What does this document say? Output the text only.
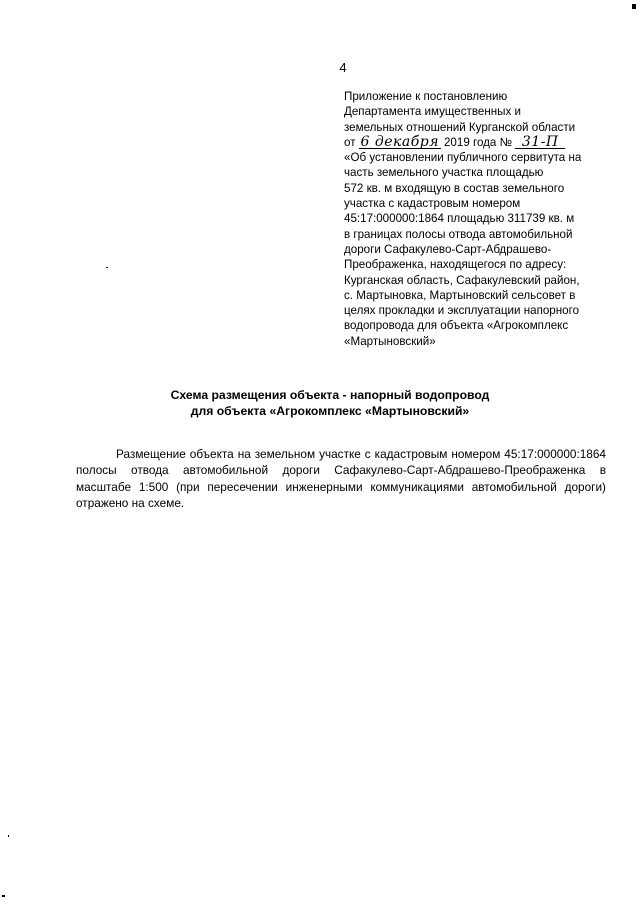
4
Приложение к постановлению
Департамента имущественных и
земельных отношений Курганской области
от 6 декабря 2019 года № 31-П
«Об установлении публичного сервитута на
часть земельного участка площадью
572 кв. м входящую в состав земельного
участка с кадастровым номером
45:17:000000:1864 площадью 311739 кв. м
в границах полосы отвода автомобильной
дороги Сафакулево-Сарт-Абдрашево-
Преображенка, находящегося по адресу:
Курганская область, Сафакулевский район,
с. Мартыновка, Мартыновский сельсовет в
целях прокладки и эксплуатации напорного
водопровода для объекта «Агрокомплекс
«Мартыновский»
Схема размещения объекта - напорный водопровод
для объекта «Агрокомплекс «Мартыновский»
Размещение объекта на земельном участке с кадастровым номером 45:17:000000:1864 полосы отвода автомобильной дороги Сафакулево-Сарт-Абдрашево-Преображенка в масштабе 1:500 (при пересечении инженерными коммуникациями автомобильной дороги) отражено на схеме.
